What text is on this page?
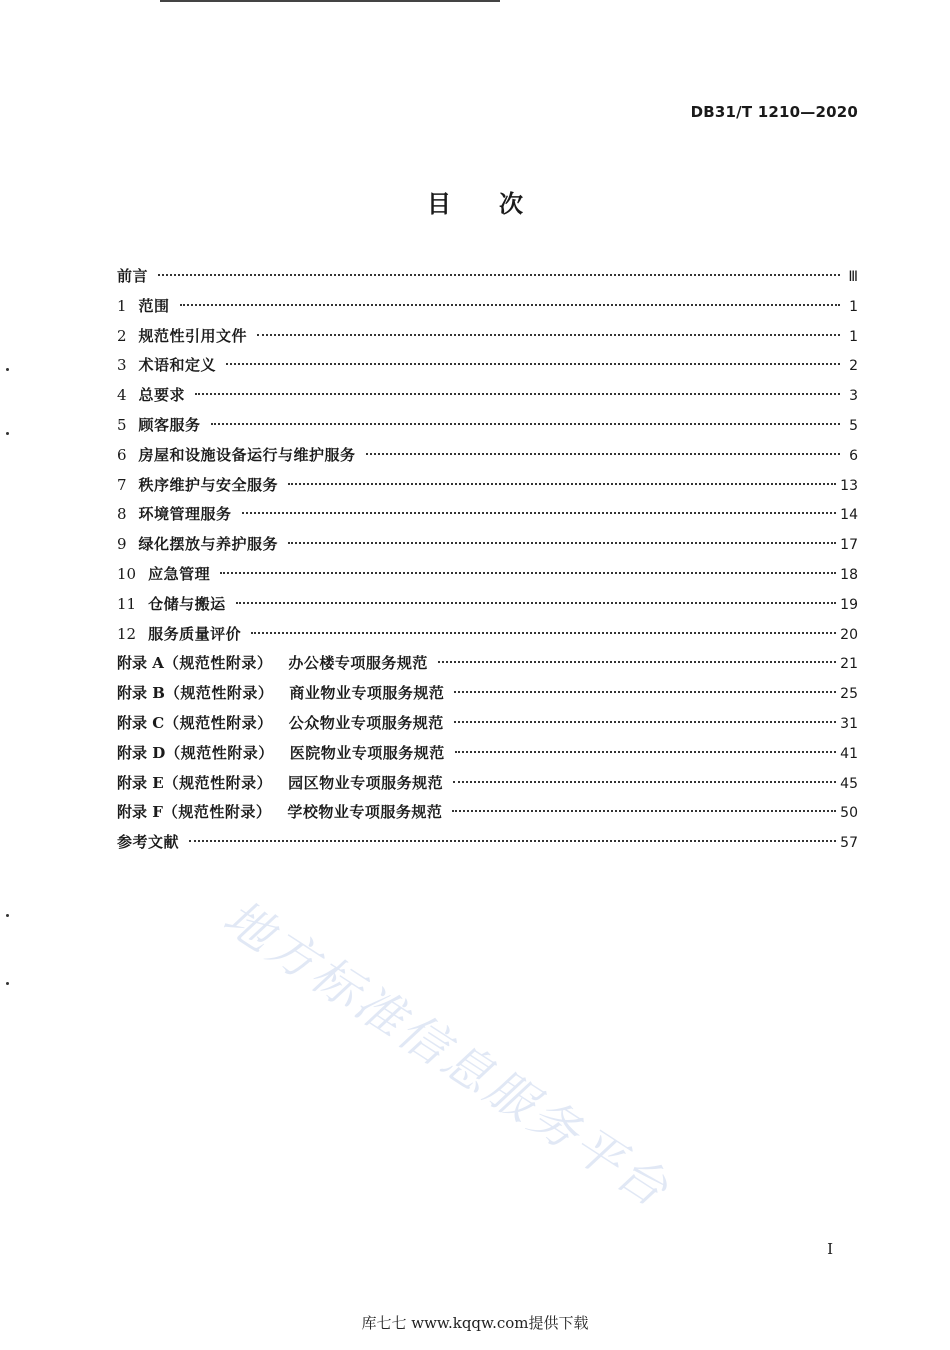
DB31/T 1210—2020
目次
前言	Ⅲ
1 范围	1
2 规范性引用文件	1
3 术语和定义	2
4 总要求	3
5 顾客服务	5
6 房屋和设施设备运行与维护服务	6
7 秩序维护与安全服务	13
8 环境管理服务	14
9 绿化摆放与养护服务	17
10 应急管理	18
11 仓储与搬运	19
12 服务质量评价	20
附录 A（规范性附录） 办公楼专项服务规范	21
附录 B（规范性附录） 商业物业专项服务规范	25
附录 C（规范性附录） 公众物业专项服务规范	31
附录 D（规范性附录） 医院物业专项服务规范	41
附录 E（规范性附录） 园区物业专项服务规范	45
附录 F（规范性附录） 学校物业专项服务规范	50
参考文献	57
地方标准信息服务平台
I
库七七 www.kqqw.com提供下载
